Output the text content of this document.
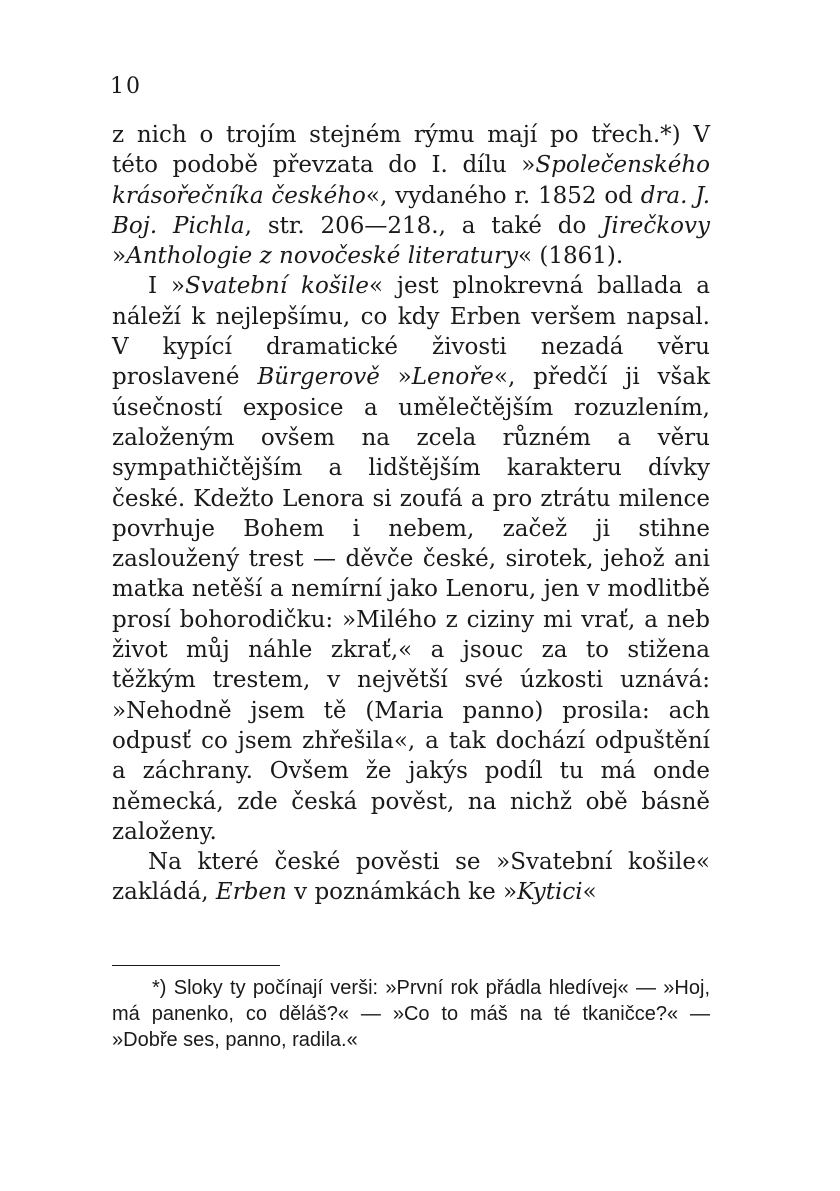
10

z nich o trojím stejném rýmu mají po třech.*) V této podobě převzata do I. dílu »Společenského krásořečníka českého«, vydaného r. 1852 od dra. J. Boj. Pichla, str. 206—218., a také do Jirečkovy »Anthologie z novočeské literatury« (1861).

I »Svatební košile« jest plnokrevná ballada a náleží k nejlepšímu, co kdy Erben veršem napsal. V kypící dramatické živosti nezadá věru proslavené Bürgerově »Lenoře«, předčí ji však úsečností exposice a umělečtějším rozuzlením, založeným ovšem na zcela různém a věru sympathičtějším a lidštějším karakteru dívky české. Kdežto Lenora si zoufá a pro ztrátu milence povrhuje Bohem i nebem, začež ji stihne zasloužený trest — děvče české, sirotek, jehož ani matka netěší a nemírní jako Lenoru, jen v modlitbě prosí bohorodičku: »Milého z ciziny mi vrať, a neb život můj náhle zkrať,« a jsouc za to stižena těžkým trestem, v největší své úzkosti uznává: »Nehodně jsem tě (Maria panno) prosila: ach odpusť co jsem zhřešila«, a tak dochází odpuštění a záchrany. Ovšem že jakýs podíl tu má onde německá, zde česká pověst, na nichž obě básně založeny.

Na které české pověsti se »Svatební košile« zakládá, Erben v poznámkách ke »Kytici«

*) Sloky ty počínají verši: »První rok přádla hledívej« — »Hoj, má panenko, co děláš?« — »Co to máš na té tkaničce?« — »Dobře ses, panno, radila.«
